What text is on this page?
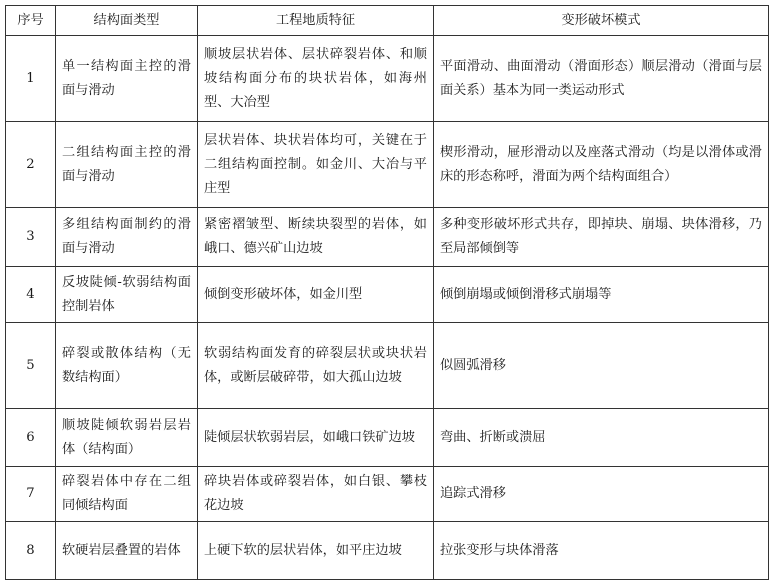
序号	结构面类型	工程地质特征	变形破坏模式
1	单一结构面主控的滑面与滑动	顺坡层状岩体、层状碎裂岩体、和顺坡结构面分布的块状岩体，如海州型、大冶型	平面滑动、曲面滑动（滑面形态）顺层滑动（滑面与层面关系）基本为同一类运动形式
2	二组结构面主控的滑面与滑动	层状岩体、块状岩体均可，关键在于二组结构面控制。如金川、大冶与平庄型	楔形滑动，屉形滑动以及座落式滑动（均是以滑体或滑床的形态称呼，滑面为两个结构面组合）
3	多组结构面制约的滑面与滑动	紧密褶皱型、断续块裂型的岩体，如峨口、德兴矿山边坡	多种变形破坏形式共存，即掉块、崩塌、块体滑移，乃至局部倾倒等
4	反坡陡倾-软弱结构面控制岩体	倾倒变形破坏体，如金川型	倾倒崩塌或倾倒滑移式崩塌等
5	碎裂或散体结构（无数结构面）	软弱结构面发育的碎裂层状或块状岩体，或断层破碎带，如大孤山边坡	似圆弧滑移
6	顺坡陡倾软弱岩层岩体（结构面）	陡倾层状软弱岩层，如峨口铁矿边坡	弯曲、折断或溃屈
7	碎裂岩体中存在二组同倾结构面	碎块岩体或碎裂岩体，如白银、攀枝花边坡	追踪式滑移
8	软硬岩层叠置的岩体	上硬下软的层状岩体，如平庄边坡	拉张变形与块体滑落
